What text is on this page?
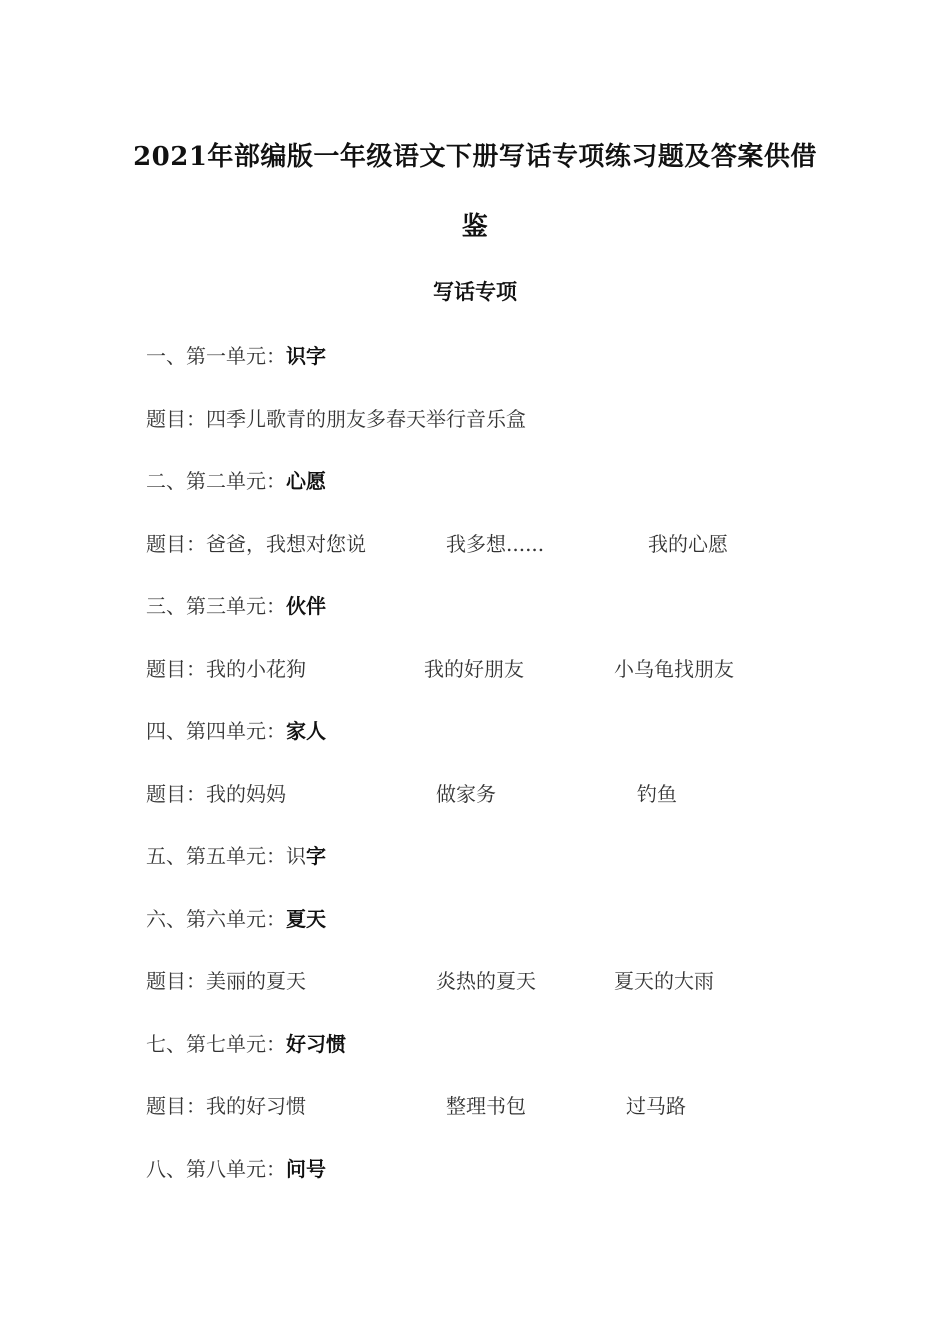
2021年部编版一年级语文下册写话专项练习题及答案供借
鉴
写话专项
一、第一单元：识字
题目：四季儿歌青的朋友多春天举行音乐盒
二、第二单元：心愿
题目：爸爸，我想对您说	我多想......	我的心愿
三、第三单元：伙伴
题目：我的小花狗	我的好朋友	小乌龟找朋友
四、第四单元：家人
题目：我的妈妈	做家务	钓鱼
五、第五单元：识字
六、第六单元：夏天
题目：美丽的夏天	炎热的夏天	夏天的大雨
七、第七单元：好习惯
题目：我的好习惯	整理书包	过马路
八、第八单元：问号
